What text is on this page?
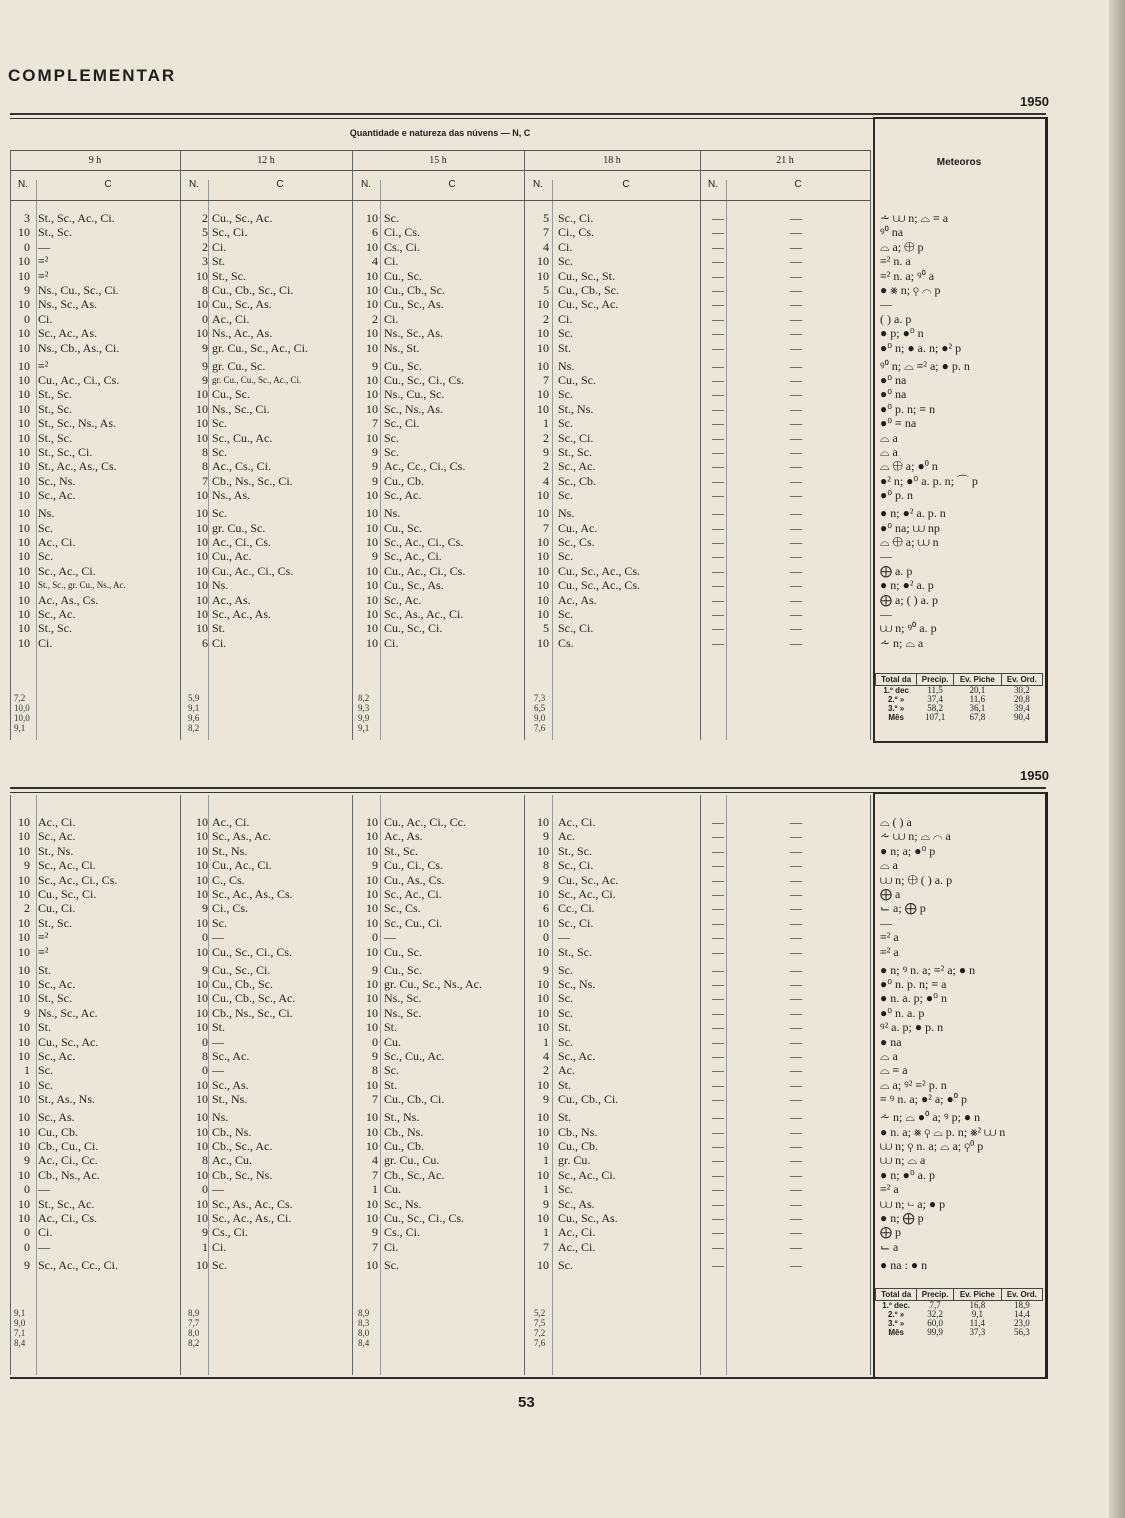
COMPLEMENTAR
1950
Quantidade e natureza das núvens — N, C
Meteoros
9 h
N.	C
12 h
N.	C
15 h
N.	C
18 h
N.	C
21 h
N.	C
3 St., Sc., Ac., Ci.	2 Cu., Sc., Ac.	10 Sc.	5 Sc., Ci.	—	—	⩪ ⩊ n; ⌓ ≡ a
10 St., Sc.	5 Sc., Ci.	6 Ci., Cs.	7 Ci., Cs.	—	—	ꝰ⁰ na
0 —	2 Ci.	10 Cs., Ci.	4 Ci.	—	—	⌓ a; ⨁ p
10 ≡²	3 St.	4 Ci.	10 Sc.	—	—	≡² n. a
10 ≡²	10 St., Sc.	10 Cu., Sc.	10 Cu., Sc., St.	—	—	≡² n. a; ꝰ⁰ a
9 Ns., Cu., Sc., Ci.	8 Cu., Cb., Sc., Ci.	10 Cu., Cb., Sc.	5 Cu., Cb., Sc.	—	—	● ⨳ n; ⚲ ⌒ p
10 Ns., Sc., As.	10 Cu., Sc., As.	10 Cu., Sc., As.	10 Cu., Sc., Ac.	—	—	—
0 Ci.	0 Ac., Ci.	2 Ci.	2 Ci.	—	—	( ) a. p
10 Sc., Ac., As.	10 Ns., Ac., As.	10 Ns., Sc., As.	10 Sc.	—	—	● p; ●⁰ n
10 Ns., Cb., As., Ci.	9 gr. Cu., Sc., Ac., Ci.	10 Ns., St.	10 St.	—	—	●⁰ n; ● a. n; ●² p
10 ≡²	9 gr. Cu., Sc.	9 Cu., Sc.	10 Ns.	—	—	ꝰ⁰ n; ⌓ ≡² a; ● p. n
10 Cu., Ac., Ci., Cs.	9 gr. Cu., Cu., Sc., Ac., Ci.	10 Cu., Sc., Ci., Cs.	7 Cu., Sc.	—	—	●⁰ na
10 St., Sc.	10 Cu., Sc.	10 Ns., Cu., Sc.	10 Sc.	—	—	●⁰ na
10 St., Sc.	10 Ns., Sc., Ci.	10 Sc., Ns., As.	10 St., Ns.	—	—	●⁰ p. n; ≡ n
10 St., Sc., Ns., As.	10 Sc.	7 Sc., Ci.	1 Sc.	—	—	●⁰ ≡ na
10 St., Sc.	10 Sc., Cu., Ac.	10 Sc.	2 Sc., Ci.	—	—	⌓ a
10 St., Sc., Ci.	8 Sc.	9 Sc.	9 St., Sc.	—	—	⌓ a
10 St., Ac., As., Cs.	8 Ac., Cs., Ci.	9 Ac., Cc., Ci., Cs.	2 Sc., Ac.	—	—	⌓ ⨁ a; ●⁰ n
10 Sc., Ns.	7 Cb., Ns., Sc., Ci.	9 Cu., Cb.	4 Sc., Cb.	—	—	●² n; ●⁰ a. p. n; ⌒ p
10 Sc., Ac.	10 Ns., As.	10 Sc., Ac.	10 Sc.	—	—	●⁰ p. n
10 Ns.	10 Sc.	10 Ns.	10 Ns.	—	—	● n; ●² a. p. n
10 Sc.	10 gr. Cu., Sc.	10 Cu., Sc.	7 Cu., Ac.	—	—	●⁰ na; ⩊ np
10 Ac., Ci.	10 Ac., Ci., Cs.	10 Sc., Ac., Ci., Cs.	10 Sc., Cs.	—	—	⌓ ⨁ a; ⩊ n
10 Sc.	10 Cu., Ac.	9 Sc., Ac., Ci.	10 Sc.	—	—	—
10 Sc., Ac., Ci.	10 Cu., Ac., Ci., Cs.	10 Cu., Ac., Ci., Cs.	10 Cu., Sc., Ac., Cs.	—	—	⨁ a. p
10 St., Sc., gr. Cu., Ns., Ac.	10 Ns.	10 Cu., Sc., As.	10 Cu., Sc., Ac., Cs.	—	—	● n; ●² a. p
10 Ac., As., Cs.	10 Ac., As.	10 Sc., Ac.	10 Ac., As.	—	—	⨁ a; ( ) a. p
10 Sc., Ac.	10 Sc., Ac., As.	10 Sc., As., Ac., Ci.	10 Sc.	—	—	—
10 St., Sc.	10 St.	10 Cu., Sc., Ci.	5 Sc., Ci.	—	—	⩊ n; ꝰ⁰ a. p
10 Ci.	6 Ci.	10 Ci.	10 Cs.	—	—	⩪ n; ⌓ a
7,2	5,9	8,2	7,3
10,0	9,1	9,3	6,5
10,0	9,6	9,9	9,0
9,1	8,2	9,1	7,6
Total da	Precip.	Ev. Piche	Ev. Ord.
1.º dec	11,5	20,1	30,2
2.º »	37,4	11,6	20,8
3.º »	58,2	36,1	39,4
Mês	107,1	67,8	90,4
1950
10 Ac., Ci.	10 Ac., Ci.	10 Cu., Ac., Ci., Cc.	10 Ac., Ci.	—	—	⌓ ( ) a
10 Sc., Ac.	10 Sc., As., Ac.	10 Ac., As.	9 Ac.	—	—	⩪ ⩊ n; ⌓ ⌒ a
10 St., Ns.	10 St., Ns.	10 St., Sc.	10 St., Sc.	—	—	● n; a; ●⁰ p
9 Sc., Ac., Ci.	10 Cu., Ac., Ci.	9 Cu., Ci., Cs.	8 Sc., Ci.	—	—	⌓ a
10 Sc., Ac., Ci., Cs.	10 C., Cs.	10 Cu., As., Cs.	9 Cu., Sc., Ac.	—	—	⩊ n; ⨁ ( ) a. p
10 Cu., Sc., Ci.	10 Sc., Ac., As., Cs.	10 Sc., Ac., Ci.	10 Sc., Ac., Ci.	—	—	⨁ a
2 Cu., Ci.	9 Ci., Cs.	10 Sc., Cs.	6 Cc., Ci.	—	—	⌙ a; ⨁ p
10 St., Sc.	10 Sc.	10 Sc., Cu., Ci.	10 Sc., Ci.	—	—	—
10 ≡²	0 —	0 —	0 —	—	—	≡² a
10 ≡²	10 Cu., Sc., Ci., Cs.	10 Cu., Sc.	10 St., Sc.	—	—	≡² a
10 St.	9 Cu., Sc., Ci.	9 Cu., Sc.	9 Sc.	—	—	● n; ꝰ n. a; ≡² a; ● n
10 Sc., Ac.	10 Cu., Cb., Sc.	10 gr. Cu., Sc., Ns., Ac.	10 Sc., Ns.	—	—	●⁰ n. p. n; ≡ a
10 St., Sc.	10 Cu., Cb., Sc., Ac.	10 Ns., Sc.	10 Sc.	—	—	● n. a. p; ●⁰ n
9 Ns., Sc., Ac.	10 Cb., Ns., Sc., Ci.	10 Ns., Sc.	10 Sc.	—	—	●⁰ n. a. p
10 St.	10 St.	10 St.	10 St.	—	—	ꝰ² a. p; ● p. n
10 Cu., Sc., Ac.	0 —	0 Cu.	1 Sc.	—	—	● na
10 Sc., Ac.	8 Sc., Ac.	9 Sc., Cu., Ac.	4 Sc., Ac.	—	—	⌓ a
1 Sc.	0 —	8 Sc.	2 Ac.	—	—	⌓ ≡ a
10 Sc.	10 Sc., As.	10 St.	10 St.	—	—	⌓ a; ꝰ² ≡² p. n
10 St., As., Ns.	10 St., Ns.	7 Cu., Cb., Ci.	9 Cu., Cb., Ci.	—	—	≡ ꝰ n. a; ●² a; ●⁰ p
10 Sc., As.	10 Ns.	10 St., Ns.	10 St.	—	—	⩪ n; ⌓ ●⁰ a; ꝰ p; ● n
10 Cu., Cb.	10 Cb., Ns.	10 Cb., Ns.	10 Cb., Ns.	—	—	● n. a; ⨳ ⚲ ⌓ p. n; ⨳² ⩊ n
10 Cb., Cu., Ci.	10 Cb., Sc., Ac.	10 Cu., Cb.	10 Cu., Cb.	—	—	⩊ n; ⚲ n. a; ⌓ a; ⚲⁰ p
9 Ac., Ci., Cc.	8 Ac., Cu.	4 gr. Cu., Cu.	1 gr. Cu.	—	—	⩊ n; ⌓ a
10 Cb., Ns., Ac.	10 Cb., Sc., Ns.	7 Cb., Sc., Ac.	10 Sc., Ac., Ci.	—	—	● n; ●⁰ a. p
0 —	0 —	1 Cu.	1 Sc.	—	—	≡² a
10 St., Sc., Ac.	10 Sc., As., Ac., Cs.	10 Sc., Ns.	9 Sc., As.	—	—	⩊ n; ⌙ a; ● p
10 Ac., Ci., Cs.	10 Sc., Ac., As., Ci.	10 Cu., Sc., Ci., Cs.	10 Cu., Sc., As.	—	—	● n; ⨁ p
0 Ci.	9 Cs., Ci.	9 Cs., Ci.	1 Ac., Ci.	—	—	⨁ p
0 —	1 Ci.	7 Ci.	7 Ac., Ci.	—	—	⌙ a
9 Sc., Ac., Cc., Ci.	10 Sc.	10 Sc.	10 Sc.	—	—	● na : ● n
9,1	8,9	8,9	5,2
9,0	7,7	8,3	7,5
7,1	8,0	8,0	7,2
8,4	8,2	8,4	7,6
Total da	Precip.	Ev. Piche	Ev. Ord.
1.º dec.	7,7	16,8	18,9
2.º »	32,2	9,1	14,4
3.º »	60,0	11,4	23,0
Mês	99,9	37,3	56,3
53
